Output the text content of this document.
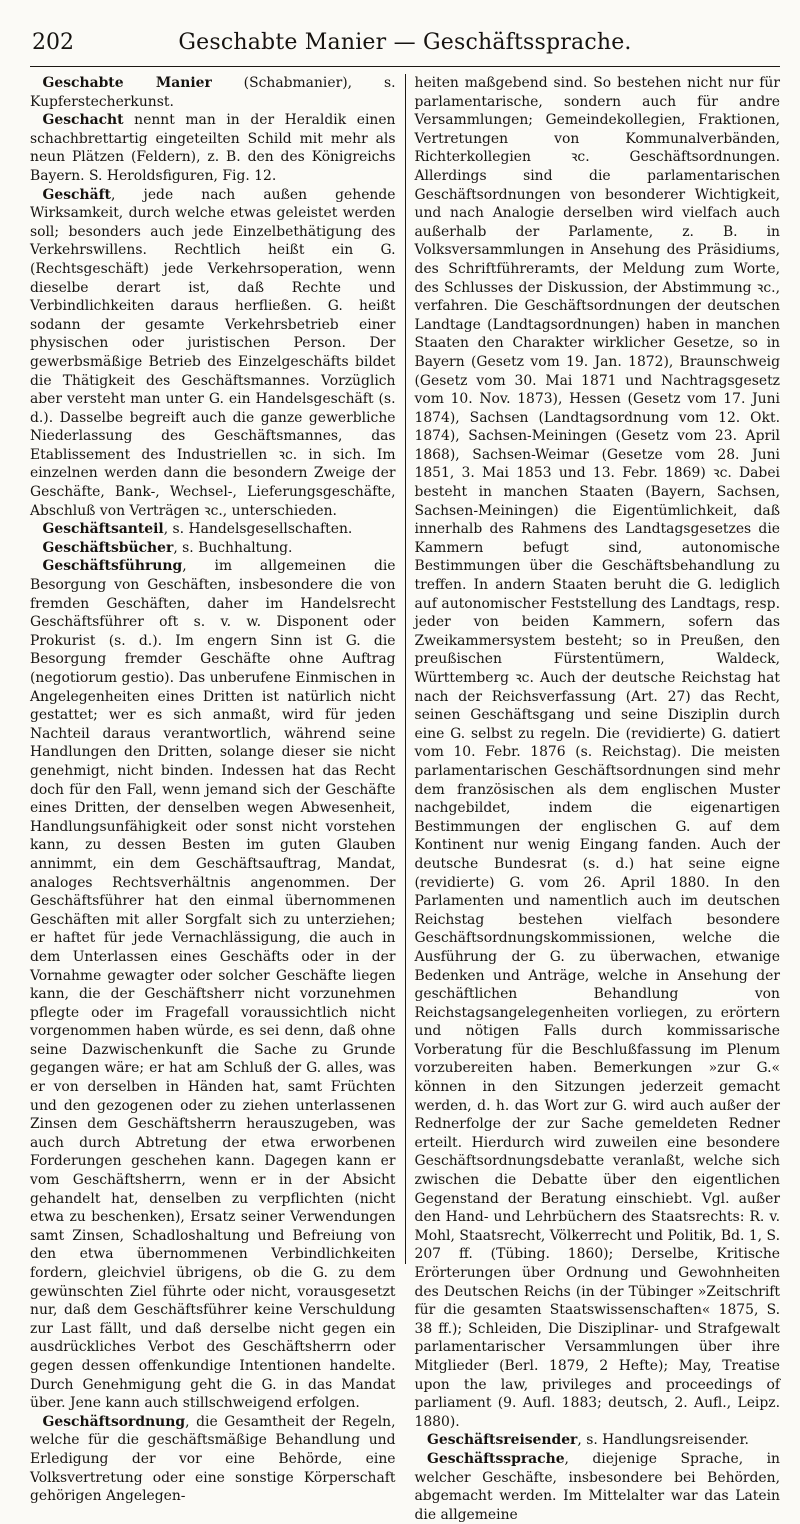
202	Geschabte Manier — Geschäftssprache.

Geschabte Manier (Schabmanier), s. Kupferstecherkunst.

Geschacht nennt man in der Heraldik einen schachbrettartig eingeteilten Schild mit mehr als neun Plätzen (Feldern), z. B. den des Königreichs Bayern. S. Heroldsfiguren, Fig. 12.

Geschäft, jede nach außen gehende Wirksamkeit, durch welche etwas geleistet werden soll; besonders auch jede Einzelbethätigung des Verkehrswillens. Rechtlich heißt ein G. (Rechtsgeschäft) jede Verkehrsoperation, wenn dieselbe derart ist, daß Rechte und Verbindlichkeiten daraus herfließen. G. heißt sodann der gesamte Verkehrsbetrieb einer physischen oder juristischen Person. Der gewerbsmäßige Betrieb des Einzelgeschäfts bildet die Thätigkeit des Geschäftsmannes. Vorzüglich aber versteht man unter G. ein Handelsgeschäft (s. d.). Dasselbe begreift auch die ganze gewerbliche Niederlassung des Geschäftsmannes, das Etablissement des Industriellen ꝛc. in sich. Im einzelnen werden dann die besondern Zweige der Geschäfte, Bank-, Wechsel-, Lieferungsgeschäfte, Abschluß von Verträgen ꝛc., unterschieden.

Geschäftsanteil, s. Handelsgesellschaften.

Geschäftsbücher, s. Buchhaltung.

Geschäftsführung, im allgemeinen die Besorgung von Geschäften, insbesondere die von fremden Geschäften, daher im Handelsrecht Geschäftsführer oft s. v. w. Disponent oder Prokurist (s. d.). Im engern Sinn ist G. die Besorgung fremder Geschäfte ohne Auftrag (negotiorum gestio). Das unberufene Einmischen in Angelegenheiten eines Dritten ist natürlich nicht gestattet; wer es sich anmaßt, wird für jeden Nachteil daraus verantwortlich, während seine Handlungen den Dritten, solange dieser sie nicht genehmigt, nicht binden. Indessen hat das Recht doch für den Fall, wenn jemand sich der Geschäfte eines Dritten, der denselben wegen Abwesenheit, Handlungsunfähigkeit oder sonst nicht vorstehen kann, zu dessen Besten im guten Glauben annimmt, ein dem Geschäftsauftrag, Mandat, analoges Rechtsverhältnis angenommen. Der Geschäftsführer hat den einmal übernommenen Geschäften mit aller Sorgfalt sich zu unterziehen; er haftet für jede Vernachlässigung, die auch in dem Unterlassen eines Geschäfts oder in der Vornahme gewagter oder solcher Geschäfte liegen kann, die der Geschäftsherr nicht vorzunehmen pflegte oder im Fragefall voraussichtlich nicht vorgenommen haben würde, es sei denn, daß ohne seine Dazwischenkunft die Sache zu Grunde gegangen wäre; er hat am Schluß der G. alles, was er von derselben in Händen hat, samt Früchten und den gezogenen oder zu ziehen unterlassenen Zinsen dem Geschäftsherrn herauszugeben, was auch durch Abtretung der etwa erworbenen Forderungen geschehen kann. Dagegen kann er vom Geschäftsherrn, wenn er in der Absicht gehandelt hat, denselben zu verpflichten (nicht etwa zu beschenken), Ersatz seiner Verwendungen samt Zinsen, Schadloshaltung und Befreiung von den etwa übernommenen Verbindlichkeiten fordern, gleichviel übrigens, ob die G. zu dem gewünschten Ziel führte oder nicht, vorausgesetzt nur, daß dem Geschäftsführer keine Verschuldung zur Last fällt, und daß derselbe nicht gegen ein ausdrückliches Verbot des Geschäftsherrn oder gegen dessen offenkundige Intentionen handelte. Durch Genehmigung geht die G. in das Mandat über. Jene kann auch stillschweigend erfolgen.

Geschäftsordnung, die Gesamtheit der Regeln, welche für die geschäftsmäßige Behandlung und Erledigung der vor eine Behörde, eine Volksvertretung oder eine sonstige Körperschaft gehörigen Angelegen-

heiten maßgebend sind. So bestehen nicht nur für parlamentarische, sondern auch für andre Versammlungen; Gemeindekollegien, Fraktionen, Vertretungen von Kommunalverbänden, Richterkollegien ꝛc. Geschäftsordnungen. Allerdings sind die parlamentarischen Geschäftsordnungen von besonderer Wichtigkeit, und nach Analogie derselben wird vielfach auch außerhalb der Parlamente, z. B. in Volksversammlungen in Ansehung des Präsidiums, des Schriftführeramts, der Meldung zum Worte, des Schlusses der Diskussion, der Abstimmung ꝛc., verfahren. Die Geschäftsordnungen der deutschen Landtage (Landtagsordnungen) haben in manchen Staaten den Charakter wirklicher Gesetze, so in Bayern (Gesetz vom 19. Jan. 1872), Braunschweig (Gesetz vom 30. Mai 1871 und Nachtragsgesetz vom 10. Nov. 1873), Hessen (Gesetz vom 17. Juni 1874), Sachsen (Landtagsordnung vom 12. Okt. 1874), Sachsen-Meiningen (Gesetz vom 23. April 1868), Sachsen-Weimar (Gesetze vom 28. Juni 1851, 3. Mai 1853 und 13. Febr. 1869) ꝛc. Dabei besteht in manchen Staaten (Bayern, Sachsen, Sachsen-Meiningen) die Eigentümlichkeit, daß innerhalb des Rahmens des Landtagsgesetzes die Kammern befugt sind, autonomische Bestimmungen über die Geschäftsbehandlung zu treffen. In andern Staaten beruht die G. lediglich auf autonomischer Feststellung des Landtags, resp. jeder von beiden Kammern, sofern das Zweikammersystem besteht; so in Preußen, den preußischen Fürstentümern, Waldeck, Württemberg ꝛc. Auch der deutsche Reichstag hat nach der Reichsverfassung (Art. 27) das Recht, seinen Geschäftsgang und seine Disziplin durch eine G. selbst zu regeln. Die (revidierte) G. datiert vom 10. Febr. 1876 (s. Reichstag). Die meisten parlamentarischen Geschäftsordnungen sind mehr dem französischen als dem englischen Muster nachgebildet, indem die eigenartigen Bestimmungen der englischen G. auf dem Kontinent nur wenig Eingang fanden. Auch der deutsche Bundesrat (s. d.) hat seine eigne (revidierte) G. vom 26. April 1880. In den Parlamenten und namentlich auch im deutschen Reichstag bestehen vielfach besondere Geschäftsordnungskommissionen, welche die Ausführung der G. zu überwachen, etwanige Bedenken und Anträge, welche in Ansehung der geschäftlichen Behandlung von Reichstagsangelegenheiten vorliegen, zu erörtern und nötigen Falls durch kommissarische Vorberatung für die Beschlußfassung im Plenum vorzubereiten haben. Bemerkungen »zur G.« können in den Sitzungen jederzeit gemacht werden, d. h. das Wort zur G. wird auch außer der Rednerfolge der zur Sache gemeldeten Redner erteilt. Hierdurch wird zuweilen eine besondere Geschäftsordnungsdebatte veranlaßt, welche sich zwischen die Debatte über den eigentlichen Gegenstand der Beratung einschiebt. Vgl. außer den Hand- und Lehrbüchern des Staatsrechts: R. v. Mohl, Staatsrecht, Völkerrecht und Politik, Bd. 1, S. 207 ff. (Tübing. 1860); Derselbe, Kritische Erörterungen über Ordnung und Gewohnheiten des Deutschen Reichs (in der Tübinger »Zeitschrift für die gesamten Staatswissenschaften« 1875, S. 38 ff.); Schleiden, Die Disziplinar- und Strafgewalt parlamentarischer Versammlungen über ihre Mitglieder (Berl. 1879, 2 Hefte); May, Treatise upon the law, privileges and proceedings of parliament (9. Aufl. 1883; deutsch, 2. Aufl., Leipz. 1880).

Geschäftsreisender, s. Handlungsreisender.

Geschäftssprache, diejenige Sprache, in welcher Geschäfte, insbesondere bei Behörden, abgemacht werden. Im Mittelalter war das Latein die allgemeine
